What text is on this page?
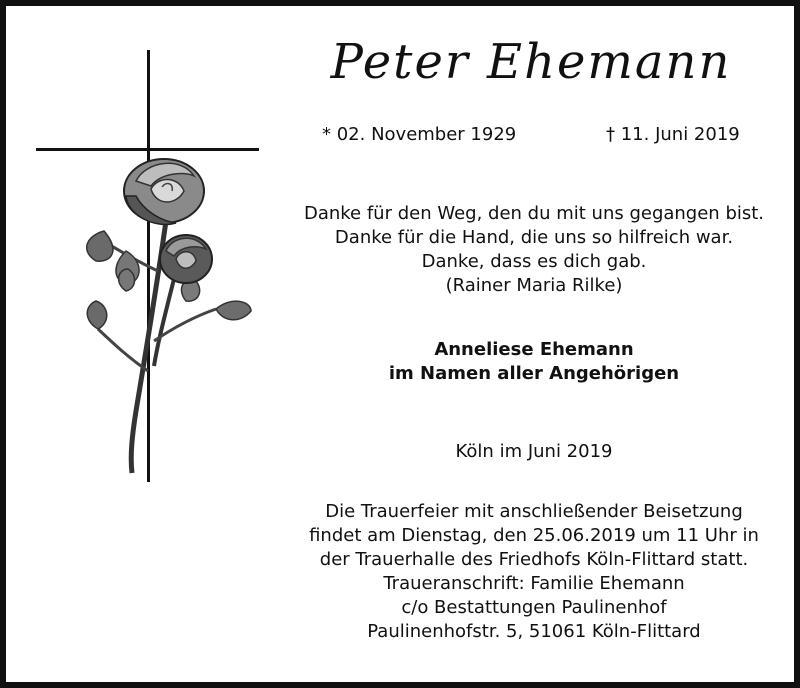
Peter Ehemann
* 02. November 1929	† 11. Juni 2019
Danke für den Weg, den du mit uns gegangen bist.
Danke für die Hand, die uns so hilfreich war.
Danke, dass es dich gab.
(Rainer Maria Rilke)
Anneliese Ehemann
im Namen aller Angehörigen
Köln im Juni 2019
Die Trauerfeier mit anschließender Beisetzung
findet am Dienstag, den 25.06.2019 um 11 Uhr in
der Trauerhalle des Friedhofs Köln-Flittard statt.
Traueranschrift: Familie Ehemann
c/o Bestattungen Paulinenhof
Paulinenhofstr. 5, 51061 Köln-Flittard
